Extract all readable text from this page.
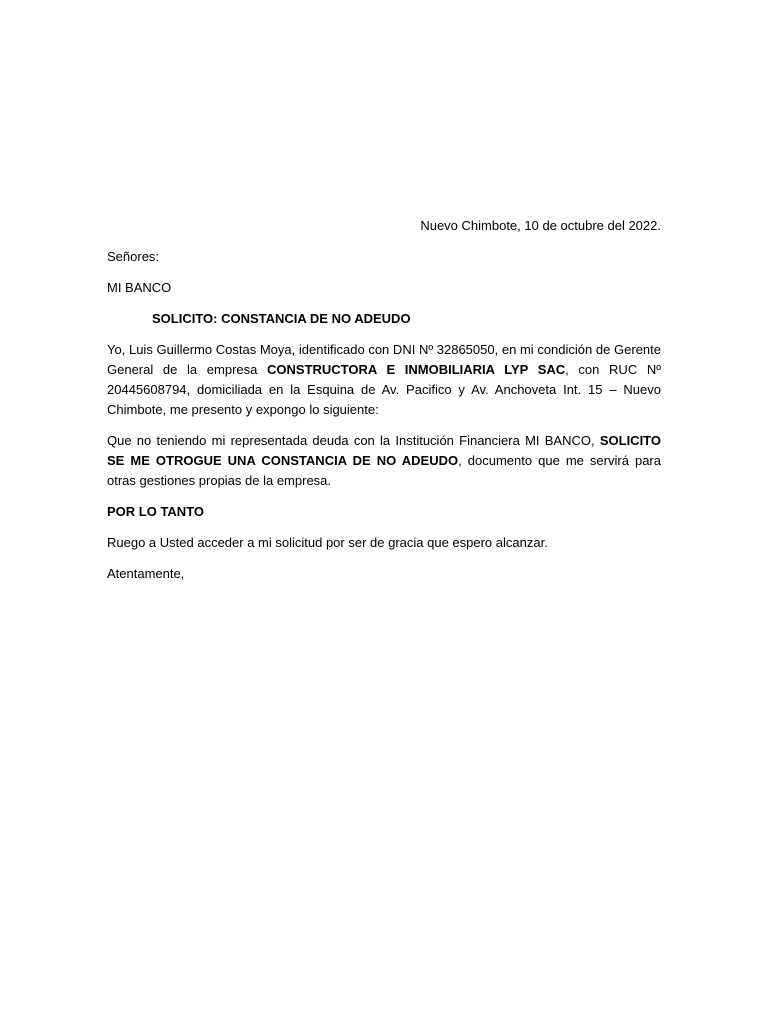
Nuevo Chimbote, 10 de octubre del 2022.
Señores:
MI BANCO
SOLICITO: CONSTANCIA DE NO ADEUDO
Yo, Luis Guillermo Costas Moya, identificado con DNI Nº 32865050, en mi condición de Gerente General de la empresa CONSTRUCTORA E INMOBILIARIA LYP SAC, con RUC Nº 20445608794, domiciliada en la Esquina de Av. Pacifico y Av. Anchoveta Int. 15 – Nuevo Chimbote, me presento y expongo lo siguiente:
Que no teniendo mi representada deuda con la Institución Financiera MI BANCO, SOLICITO SE ME OTROGUE UNA CONSTANCIA DE NO ADEUDO, documento que me servirá para otras gestiones propias de la empresa.
POR LO TANTO
Ruego a Usted acceder a mi solicitud por ser de gracia que espero alcanzar.
Atentamente,
